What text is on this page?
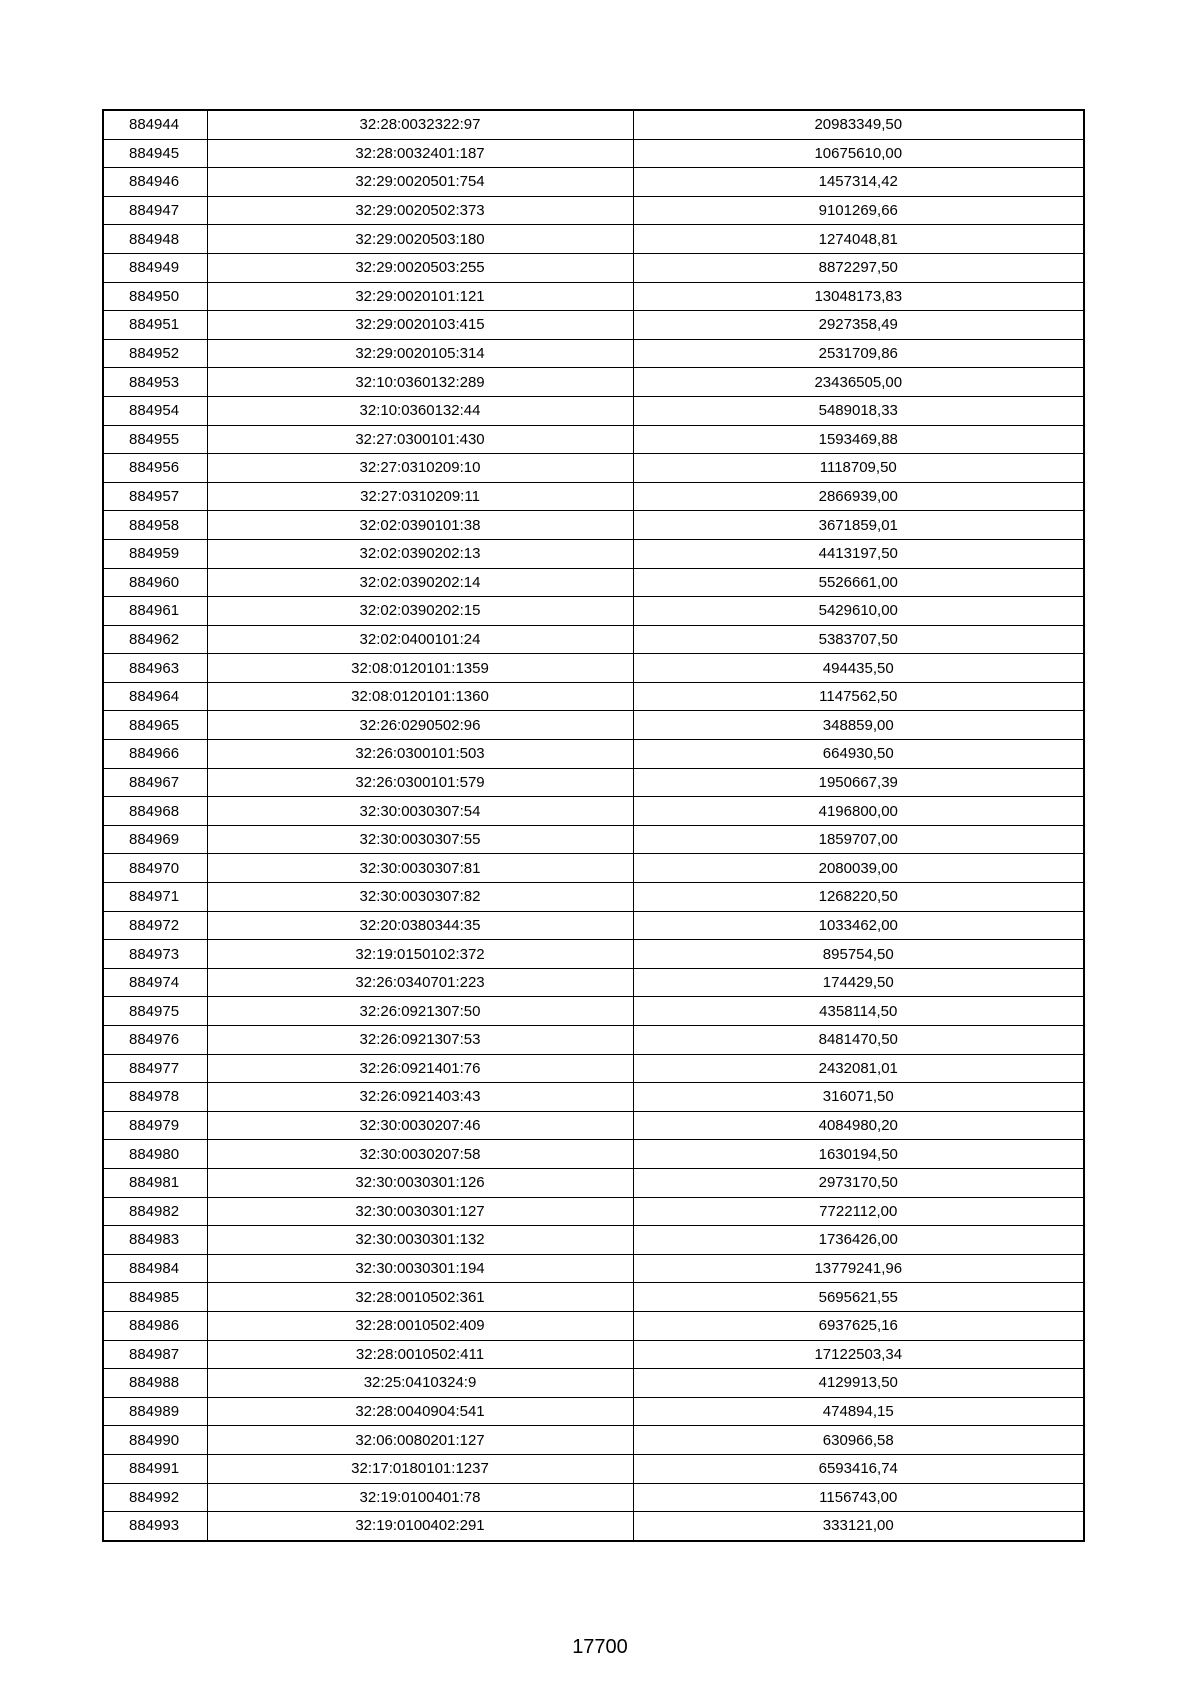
884944	32:28:0032322:97	20983349,50
884945	32:28:0032401:187	10675610,00
884946	32:29:0020501:754	1457314,42
884947	32:29:0020502:373	9101269,66
884948	32:29:0020503:180	1274048,81
884949	32:29:0020503:255	8872297,50
884950	32:29:0020101:121	13048173,83
884951	32:29:0020103:415	2927358,49
884952	32:29:0020105:314	2531709,86
884953	32:10:0360132:289	23436505,00
884954	32:10:0360132:44	5489018,33
884955	32:27:0300101:430	1593469,88
884956	32:27:0310209:10	1118709,50
884957	32:27:0310209:11	2866939,00
884958	32:02:0390101:38	3671859,01
884959	32:02:0390202:13	4413197,50
884960	32:02:0390202:14	5526661,00
884961	32:02:0390202:15	5429610,00
884962	32:02:0400101:24	5383707,50
884963	32:08:0120101:1359	494435,50
884964	32:08:0120101:1360	1147562,50
884965	32:26:0290502:96	348859,00
884966	32:26:0300101:503	664930,50
884967	32:26:0300101:579	1950667,39
884968	32:30:0030307:54	4196800,00
884969	32:30:0030307:55	1859707,00
884970	32:30:0030307:81	2080039,00
884971	32:30:0030307:82	1268220,50
884972	32:20:0380344:35	1033462,00
884973	32:19:0150102:372	895754,50
884974	32:26:0340701:223	174429,50
884975	32:26:0921307:50	4358114,50
884976	32:26:0921307:53	8481470,50
884977	32:26:0921401:76	2432081,01
884978	32:26:0921403:43	316071,50
884979	32:30:0030207:46	4084980,20
884980	32:30:0030207:58	1630194,50
884981	32:30:0030301:126	2973170,50
884982	32:30:0030301:127	7722112,00
884983	32:30:0030301:132	1736426,00
884984	32:30:0030301:194	13779241,96
884985	32:28:0010502:361	5695621,55
884986	32:28:0010502:409	6937625,16
884987	32:28:0010502:411	17122503,34
884988	32:25:0410324:9	4129913,50
884989	32:28:0040904:541	474894,15
884990	32:06:0080201:127	630966,58
884991	32:17:0180101:1237	6593416,74
884992	32:19:0100401:78	1156743,00
884993	32:19:0100402:291	333121,00
17700
